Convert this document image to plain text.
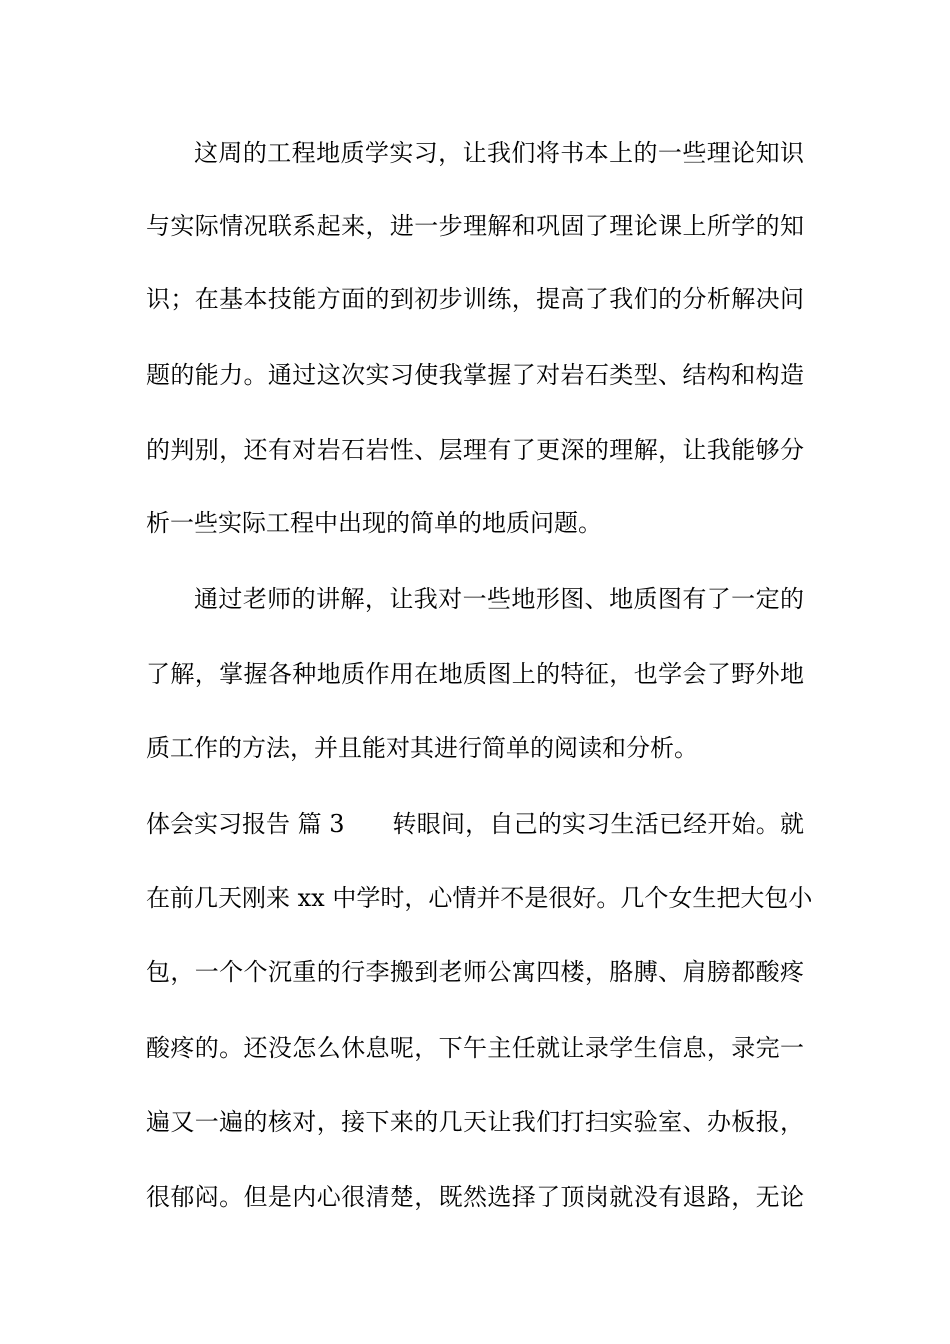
这周的工程地质学实习，让我们将书本上的一些理论知识
与实际情况联系起来，进一步理解和巩固了理论课上所学的知
识；在基本技能方面的到初步训练，提高了我们的分析解决问
题的能力。通过这次实习使我掌握了对岩石类型、结构和构造
的判别，还有对岩石岩性、层理有了更深的理解，让我能够分
析一些实际工程中出现的简单的地质问题。
通过老师的讲解，让我对一些地形图、地质图有了一定的
了解，掌握各种地质作用在地质图上的特征，也学会了野外地
质工作的方法，并且能对其进行简单的阅读和分析。
体会实习报告 篇 3 转眼间，自己的实习生活已经开始。就
在前几天刚来 xx 中学时，心情并不是很好。几个女生把大包小
包，一个个沉重的行李搬到老师公寓四楼，胳膊、肩膀都酸疼
酸疼的。还没怎么休息呢，下午主任就让录学生信息，录完一
遍又一遍的核对，接下来的几天让我们打扫实验室、办板报，
很郁闷。但是内心很清楚，既然选择了顶岗就没有退路，无论
